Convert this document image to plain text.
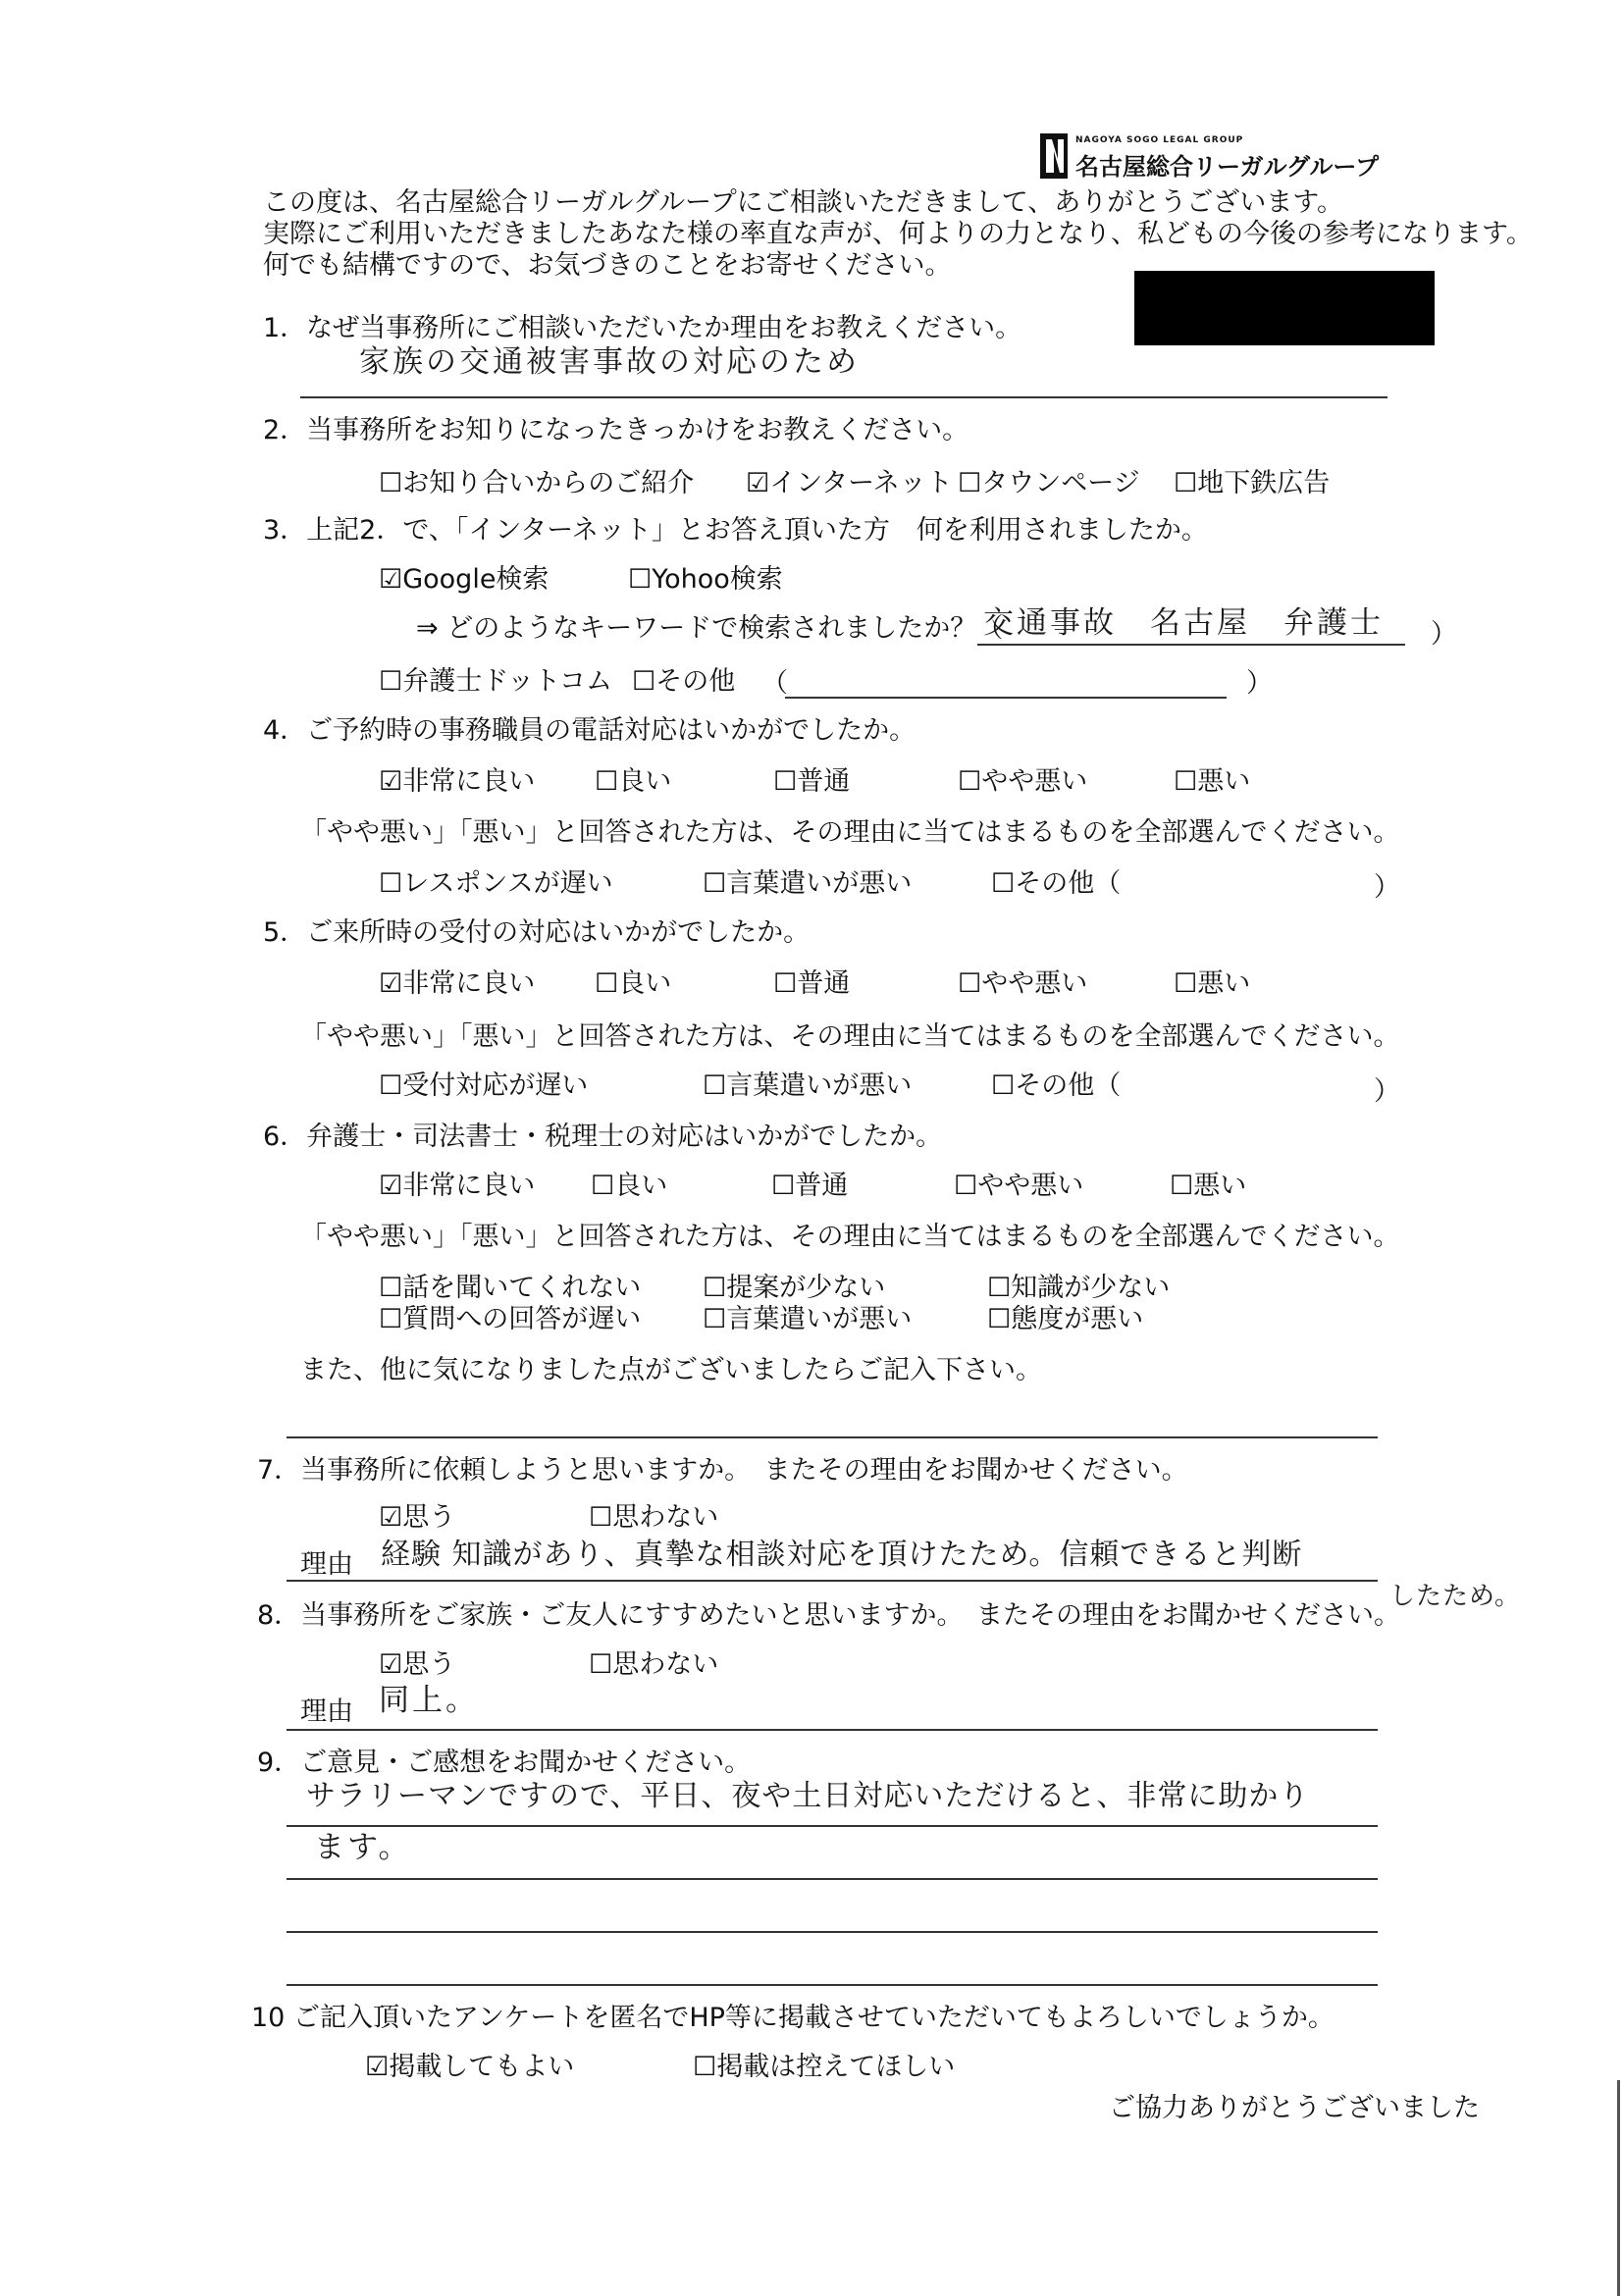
NAGOYA SOGO LEGAL GROUP
名古屋総合リーガルグループ
この度は、名古屋総合リーガルグループにご相談いただきまして、ありがとうございます。
実際にご利用いただきましたあなた様の率直な声が、何よりの力となり、私どもの今後の参考になります。
何でも結構ですので、お気づきのことをお寄せください。
1．なぜ当事務所にご相談いただいたか理由をお教えください。
家族の交通被害事故の対応のため
2．当事務所をお知りになったきっかけをお教えください。
☐お知り合いからのご紹介 ☑インターネット ☐タウンページ ☐地下鉄広告
3．上記2．で、「インターネット」とお答え頂いた方　何を利用されましたか。
☑Google検索	☐Yohoo検索
⇒ どのようなキーワードで検索されましたか？（
交通事故　名古屋　弁護士 ）
☐弁護士ドットコム ☐その他 （	）
4．ご予約時の事務職員の電話対応はいかがでしたか。
☑非常に良い ☐良い	☐普通	☐やや悪い	☐悪い
「やや悪い」「悪い」と回答された方は、その理由に当てはまるものを全部選んでください。
☐レスポンスが遅い	☐言葉遣いが悪い	☐その他（	）
5．ご来所時の受付の対応はいかがでしたか。
☑非常に良い ☐良い	☐普通	☐やや悪い	☐悪い
「やや悪い」「悪い」と回答された方は、その理由に当てはまるものを全部選んでください。
☐受付対応が遅い	☐言葉遣いが悪い	☐その他（	）
6．弁護士・司法書士・税理士の対応はいかがでしたか。
☑非常に良い ☐良い	☐普通	☐やや悪い	☐悪い
「やや悪い」「悪い」と回答された方は、その理由に当てはまるものを全部選んでください。
☐話を聞いてくれない ☐提案が少ない	☐知識が少ない
☐質問への回答が遅い ☐言葉遣いが悪い	☐態度が悪い
また、他に気になりました点がございましたらご記入下さい。
7．当事務所に依頼しようと思いますか。　またその理由をお聞かせください。
☑思う	☐思わない
理由 経験 知識があり、真摯な相談対応を頂けたため。信頼できると判断
したため。
8．当事務所をご家族・ご友人にすすめたいと思いますか。　またその理由をお聞かせください。
☑思う	☐思わない
理由 同上。
9．ご意見・ご感想をお聞かせください。
サラリーマンですので、平日、夜や土日対応いただけると、非常に助かり
ます。
10 ご記入頂いたアンケートを匿名でHP等に掲載させていただいてもよろしいでしょうか。
☑掲載してもよい	☐掲載は控えてほしい
ご協力ありがとうございました
